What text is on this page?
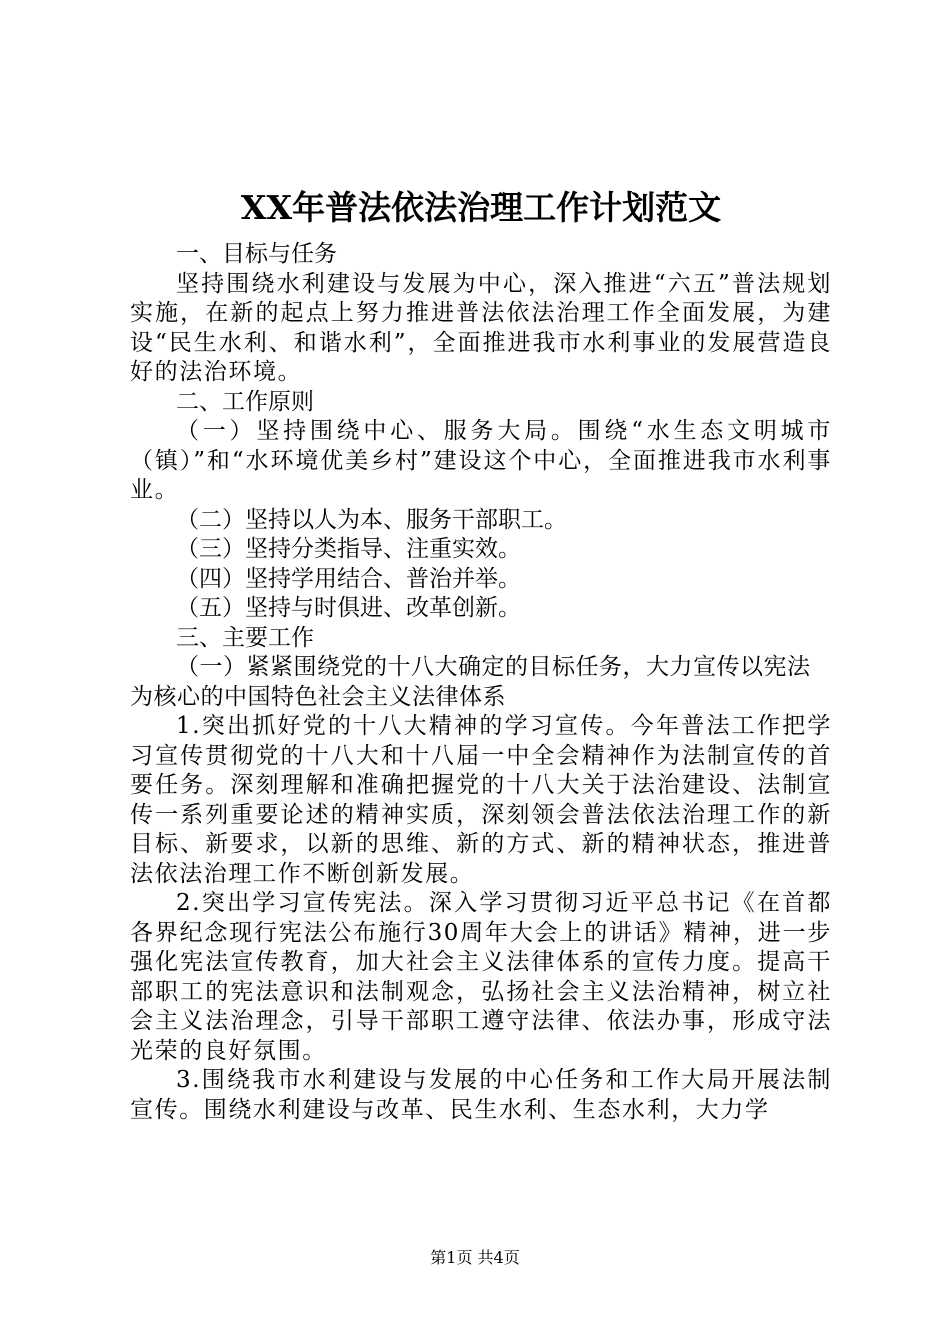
XX年普法依法治理工作计划范文
一、目标与任务

坚持围绕水利建设与发展为中心，深入推进“六五”普法规划实施，在新的起点上努力推进普法依法治理工作全面发展，为建设“民生水利、和谐水利”，全面推进我市水利事业的发展营造良好的法治环境。

二、工作原则

（一）坚持围绕中心、服务大局。围绕“水生态文明城市（镇）”和“水环境优美乡村”建设这个中心，全面推进我市水利事业。

（二）坚持以人为本、服务干部职工。
（三）坚持分类指导、注重实效。
（四）坚持学用结合、普治并举。
（五）坚持与时俱进、改革创新。
三、主要工作
（一）紧紧围绕党的十八大确定的目标任务，大力宣传以宪法为核心的中国特色社会主义法律体系

1.突出抓好党的十八大精神的学习宣传。今年普法工作把学习宣传贯彻党的十八大和十八届一中全会精神作为法制宣传的首要任务。深刻理解和准确把握党的十八大关于法治建设、法制宣传一系列重要论述的精神实质，深刻领会普法依法治理工作的新目标、新要求，以新的思维、新的方式、新的精神状态，推进普法依法治理工作不断创新发展。

2.突出学习宣传宪法。深入学习贯彻习近平总书记《在首都各界纪念现行宪法公布施行30周年大会上的讲话》精神，进一步强化宪法宣传教育，加大社会主义法律体系的宣传力度。提高干部职工的宪法意识和法制观念，弘扬社会主义法治精神，树立社会主义法治理念，引导干部职工遵守法律、依法办事，形成守法光荣的良好氛围。

3.围绕我市水利建设与发展的中心任务和工作大局开展法制宣传。围绕水利建设与改革、民生水利、生态水利，大力学

第1页 共4页
